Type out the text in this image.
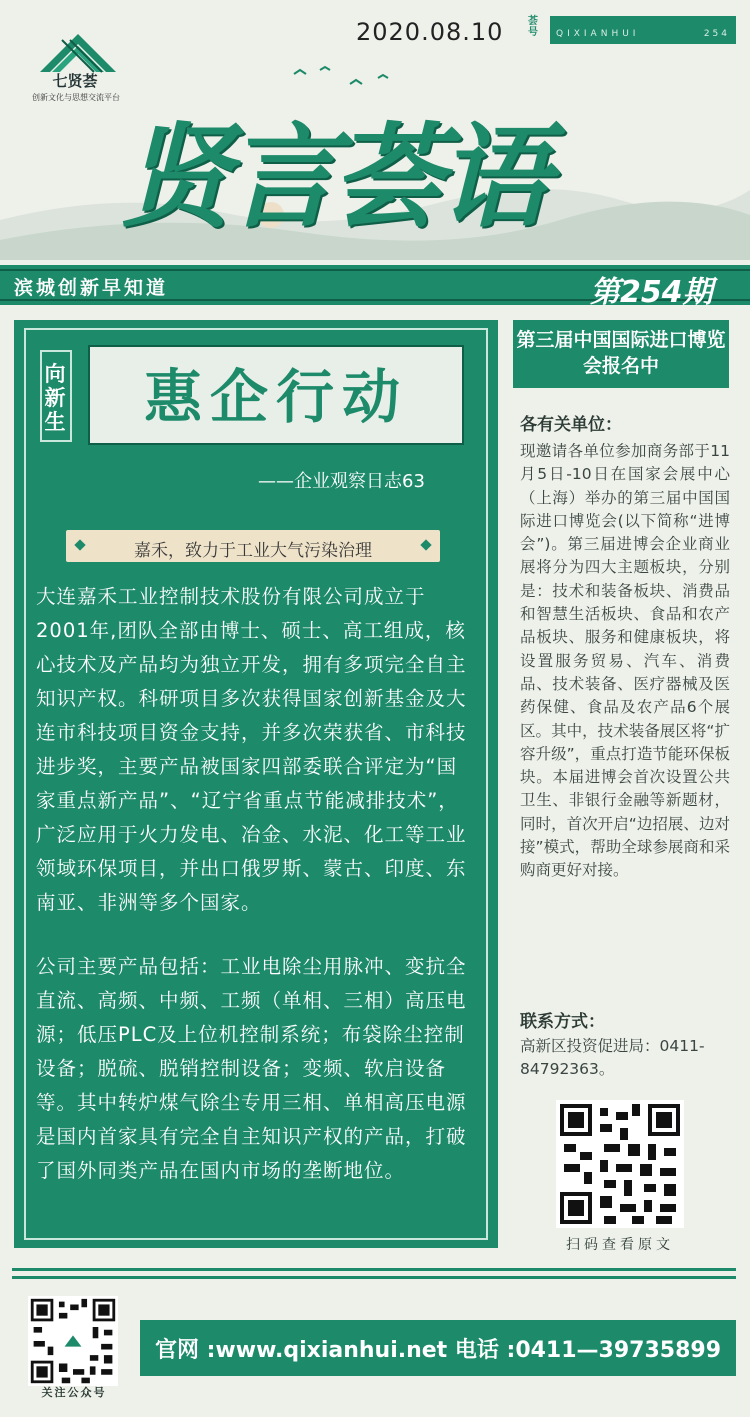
七贤荟
创新文化与思想交流平台
2020.08.10 荟号	QIXIANHUI	254
贤言荟语
滨城创新早知道	第254期
向新生	惠企行动
——企业观察日志63
嘉禾，致力于工业大气污染治理

大连嘉禾工业控制技术股份有限公司成立于2001年,团队全部由博士、硕士、高工组成，核心技术及产品均为独立开发，拥有多项完全自主知识产权。科研项目多次获得国家创新基金及大连市科技项目资金支持，并多次荣获省、市科技进步奖，主要产品被国家四部委联合评定为“国家重点新产品”、“辽宁省重点节能减排技术”，广泛应用于火力发电、冶金、水泥、化工等工业领域环保项目，并出口俄罗斯、蒙古、印度、东南亚、非洲等多个国家。

公司主要产品包括：工业电除尘用脉冲、变抗全直流、高频、中频、工频（单相、三相）高压电源；低压PLC及上位机控制系统；布袋除尘控制设备；脱硫、脱销控制设备；变频、软启设备等。其中转炉煤气除尘专用三相、单相高压电源是国内首家具有完全自主知识产权的产品，打破了国外同类产品在国内市场的垄断地位。

第三届中国国际进口博览会报名中
各有关单位：
现邀请各单位参加商务部于11月5日-10日在国家会展中心（上海）举办的第三届中国国际进口博览会(以下简称“进博会”)。第三届进博会企业商业展将分为四大主题板块，分别是：技术和装备板块、消费品和智慧生活板块、食品和农产品板块、服务和健康板块，将设置服务贸易、汽车、消费品、技术装备、医疗器械及医药保健、食品及农产品6个展区。其中，技术装备展区将“扩容升级”，重点打造节能环保板块。本届进博会首次设置公共卫生、非银行金融等新题材，同时，首次开启“边招展、边对接”模式，帮助全球参展商和采购商更好对接。
联系方式：
高新区投资促进局：0411-84792363。
扫码查看原文
关注公众号
官网 :www.qixianhui.net 电话 :0411—39735899
